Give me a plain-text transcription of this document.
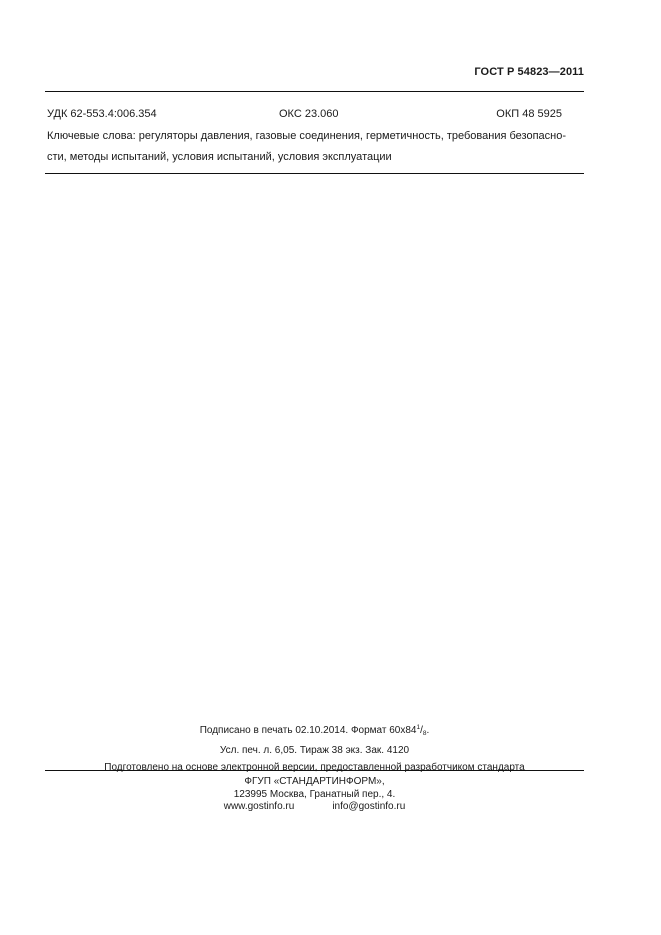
ГОСТ Р 54823—2011
УДК 62-553.4:006.354	ОКС 23.060	ОКП 48 5925
Ключевые слова: регуляторы давления, газовые соединения, герметичность, требования безопасно-
сти, методы испытаний, условия испытаний, условия эксплуатации
Подписано в печать 02.10.2014. Формат $60x84^1/_8$.
Усл. печ. л. 6,05. Тираж 38 экз. Зак. 4120
Подготовлено на основе электронной версии, предоставленной разработчиком стандарта
ФГУП «СТАНДАРТИНФОРМ»,
123995 Москва, Гранатный пер., 4.
www.gostinfo.ru	info@gostinfo.ru
